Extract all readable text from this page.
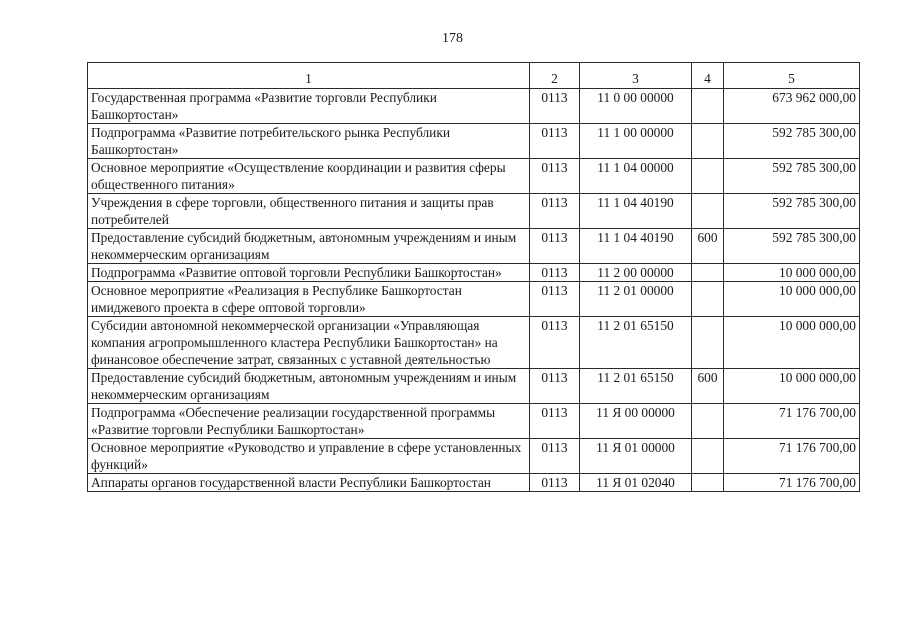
178
1	2	3	4	5
Государственная программа «Развитие торговли Республики Башкортостан»	0113	11 0 00 00000		673 962 000,00
Подпрограмма «Развитие потребительского рынка Республики Башкортостан»	0113	11 1 00 00000		592 785 300,00
Основное мероприятие «Осуществление координации и развития сферы общественного питания»	0113	11 1 04 00000		592 785 300,00
Учреждения в сфере торговли, общественного питания и защиты прав потребителей	0113	11 1 04 40190		592 785 300,00
Предоставление субсидий бюджетным, автономным учреждениям и иным некоммерческим организациям	0113	11 1 04 40190	600	592 785 300,00
Подпрограмма «Развитие оптовой торговли Республики Башкортостан»	0113	11 2 00 00000		10 000 000,00
Основное мероприятие «Реализация в Республике Башкортостан имиджевого проекта в сфере оптовой торговли»	0113	11 2 01 00000		10 000 000,00
Субсидии автономной некоммерческой организации «Управляющая компания агропромышленного кластера Республики Башкортостан» на финансовое обеспечение затрат, связанных с уставной деятельностью	0113	11 2 01 65150		10 000 000,00
Предоставление субсидий бюджетным, автономным учреждениям и иным некоммерческим организациям	0113	11 2 01 65150	600	10 000 000,00
Подпрограмма «Обеспечение реализации государственной программы «Развитие торговли Республики Башкортостан»	0113	11 Я 00 00000		71 176 700,00
Основное мероприятие «Руководство и управление в сфере установленных функций»	0113	11 Я 01 00000		71 176 700,00
Аппараты органов государственной власти Республики Башкортостан	0113	11 Я 01 02040		71 176 700,00
